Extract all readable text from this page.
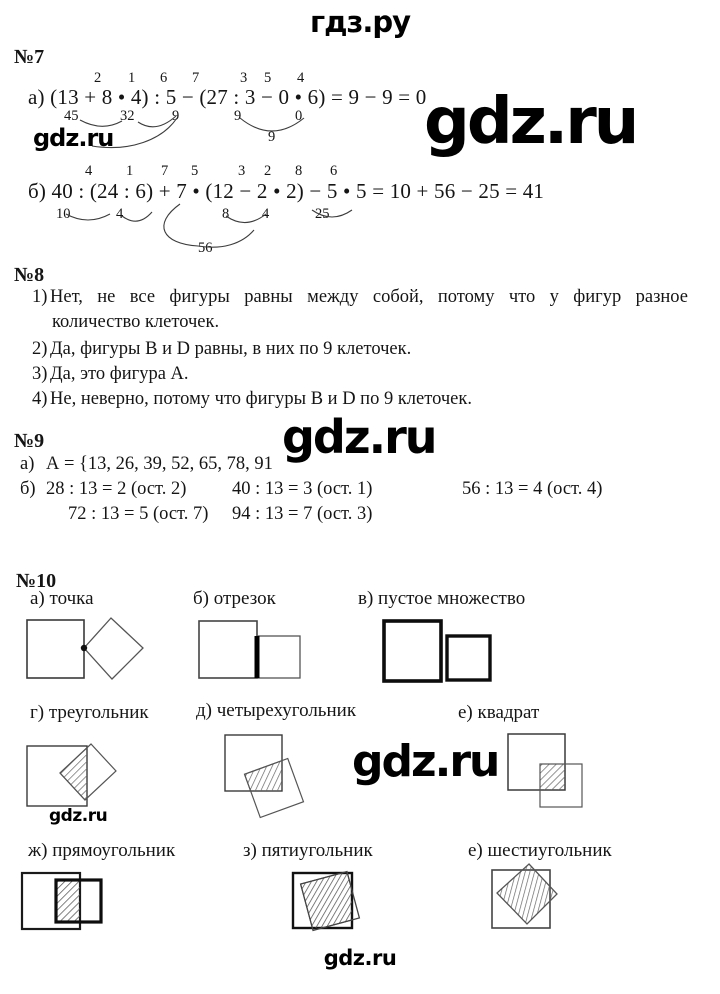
гдз.ру
gdz.ru
№7
2 1 6 7	3 5 4
а) (13 + 8 • 4) : 5 − (27 : 3 − 0 • 6) = 9 − 9 = 0
45	32	9	9	0
9
gdz.ru	gdz.ru
4 1 7 5	3 2 8 6
б) 40 : (24 : 6) + 7 • (12 − 2 • 2) − 5 • 5 = 10 + 56 − 25 = 41
10	4	8 4	25
56
№8
1) Нет, не все фигуры равны между собой, потому что у фигур разное
количество клеточек.
2) Да, фигуры В и D равны, в них по 9 клеточек.
3) Да, это фигура А.
4) Не, неверно, потому что фигуры В и D по 9 клеточек.
№9	gdz.ru
а) А = {13, 26, 39, 52, 65, 78, 91
б) 28 : 13 = 2 (ост. 2) 40 : 13 = 3 (ост. 1)	56 : 13 = 4 (ост. 4)
72 : 13 = 5 (ост. 7) 94 : 13 = 7 (ост. 3)
№10
а) точка	б) отрезок	в) пустое множество
г) треугольник д) четырехугольник	е) квадрат
gdz.ru
gdz.ru
ж) прямоугольник	з) пятиугольник	е) шестиугольник
